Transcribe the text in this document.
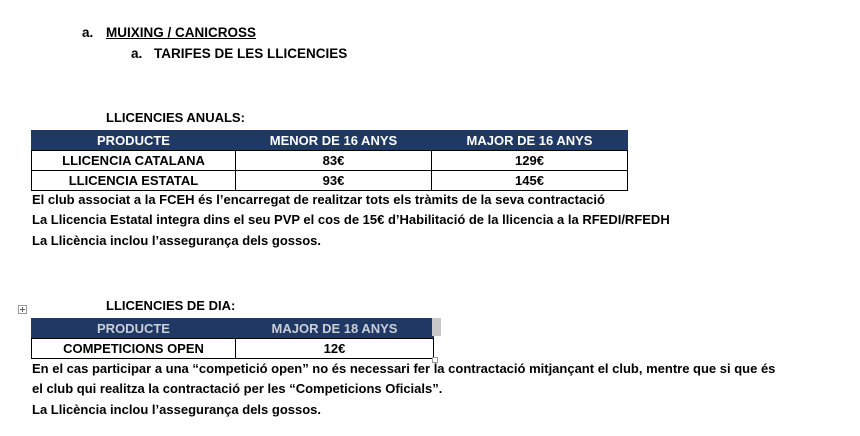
a. MUIXING / CANICROSS
a. TARIFES DE LES LLICENCIES
LLICENCIES ANUALS:
PRODUCTE	MENOR DE 16 ANYS	MAJOR DE 16 ANYS
LLICENCIA CATALANA	83€	129€
LLICENCIA ESTATAL	93€	145€
El club associat a la FCEH és l’encarregat de realitzar tots els tràmits de la seva contractació
La Llicencia Estatal integra dins el seu PVP el cos de 15€ d’Habilitació de la llicencia a la RFEDI/RFEDH
La Llicència inclou l’assegurança dels gossos.
LLICENCIES DE DIA:
PRODUCTE	MAJOR DE 18 ANYS
COMPETICIONS OPEN	12€
En el cas participar a una “competició open” no és necessari fer la contractació mitjançant el club, mentre que si que és
el club qui realitza la contractació per les “Competicions Oficials”.
La Llicència inclou l’assegurança dels gossos.
